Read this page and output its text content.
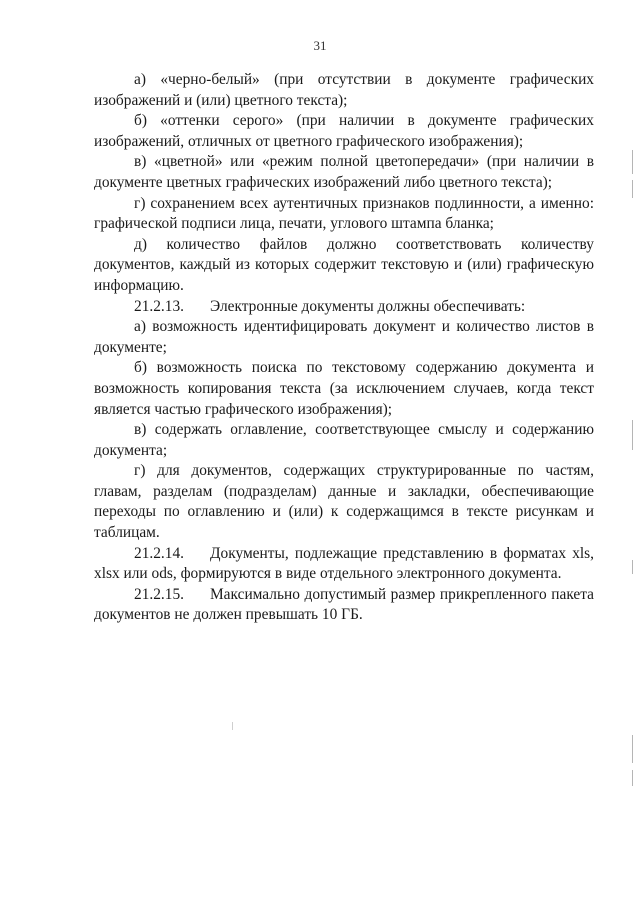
31

а) «черно-белый» (при отсутствии в документе графических изображений и (или) цветного текста);

б) «оттенки серого» (при наличии в документе графических изображений, отличных от цветного графического изображения);

в) «цветной» или «режим полной цветопередачи» (при наличии в документе цветных графических изображений либо цветного текста);

г) сохранением всех аутентичных признаков подлинности, а именно: графической подписи лица, печати, углового штампа бланка;

д) количество файлов должно соответствовать количеству документов, каждый из которых содержит текстовую и (или) графическую информацию.

21.2.13. Электронные документы должны обеспечивать:

а) возможность идентифицировать документ и количество листов в документе;

б) возможность поиска по текстовому содержанию документа и возможность копирования текста (за исключением случаев, когда текст является частью графического изображения);

в) содержать оглавление, соответствующее смыслу и содержанию документа;

г) для документов, содержащих структурированные по частям, главам, разделам (подразделам) данные и закладки, обеспечивающие переходы по оглавлению и (или) к содержащимся в тексте рисункам и таблицам.

21.2.14. Документы, подлежащие представлению в форматах xls, xlsx или ods, формируются в виде отдельного электронного документа.

21.2.15. Максимально допустимый размер прикрепленного пакета документов не должен превышать 10 ГБ.
